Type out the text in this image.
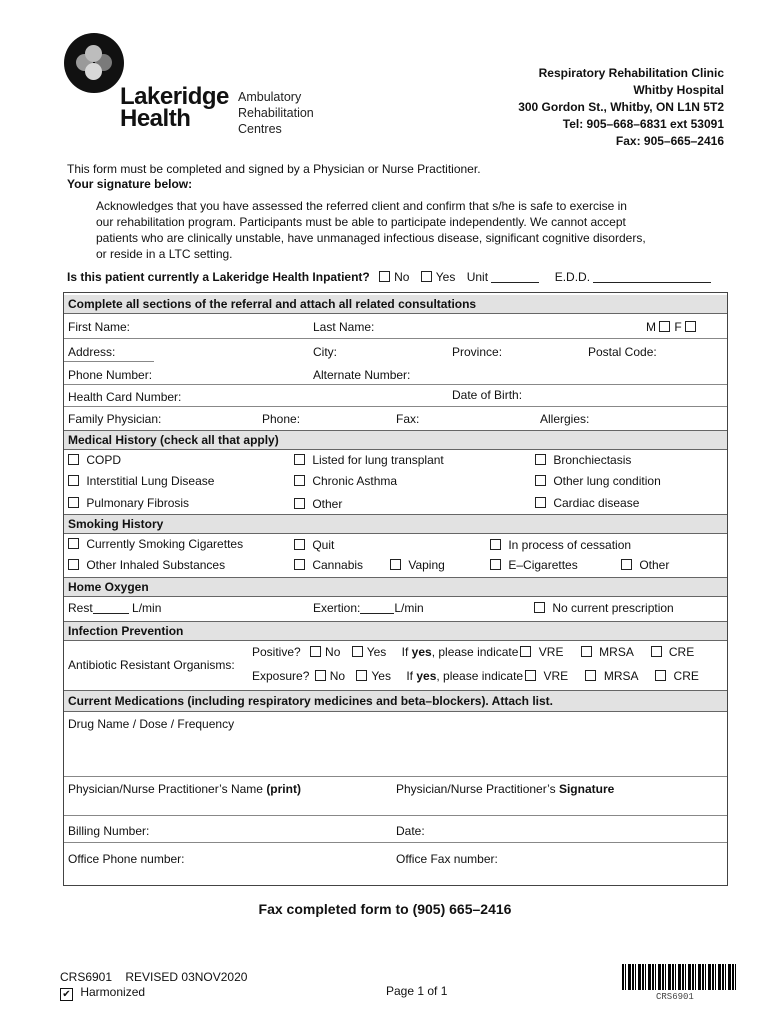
Lakeridge
Health
Ambulatory
Rehabilitation
Centres
Respiratory Rehabilitation Clinic
Whitby Hospital
300 Gordon St., Whitby, ON L1N 5T2
Tel: 905–668–6831 ext 53091
Fax: 905–665–2416
This form must be completed and signed by a Physician or Nurse Practitioner.
Your signature below:
Acknowledges that you have assessed the referred client and confirm that s/he is safe to exercise in
our rehabilitation program. Participants must be able to participate independently. We cannot accept
patients who are clinically unstable, have unmanaged infectious disease, significant cognitive disorders,
or reside in a LTC setting.
Is this patient currently a Lakeridge Health Inpatient? No Yes Unit	E.D.D.
Complete all sections of the referral and attach all related consultations
First Name:	Last Name:	M F
Address:	City:	Province:	Postal Code:
Phone Number:	Alternate Number:
Health Card Number:	Date of Birth:
Family Physician:	Phone:	Fax:	Allergies:
Medical History (check all that apply)
COPD	Listed for lung transplant	Bronchiectasis
Interstitial Lung Disease	Chronic Asthma	Other lung condition
Pulmonary Fibrosis	Other	Cardiac disease
Smoking History
Currently Smoking Cigarettes	Quit	In process of cessation
Other Inhaled Substances	Cannabis	Vaping	E–Cigarettes	Other
Home Oxygen
Rest	L/min	Exertion:	L/min	No current prescription
Infection Prevention
Antibiotic Resistant Organisms:
Positive? No Yes If yes, please indicate VRE	MRSA	CRE
Exposure? No Yes If yes, please indicate VRE	MRSA	CRE
Current Medications (including respiratory medicines and beta–blockers). Attach list.
Drug Name / Dose / Frequency
Physician/Nurse Practitioner’s Name (print)	Physician/Nurse Practitioner’s Signature
Billing Number:	Date:
Office Phone number:	Office Fax number:
Fax completed form to (905) 665–2416
CRS6901 REVISED 03NOV2020
✔ Harmonized	Page 1 of 1	CRS6901
